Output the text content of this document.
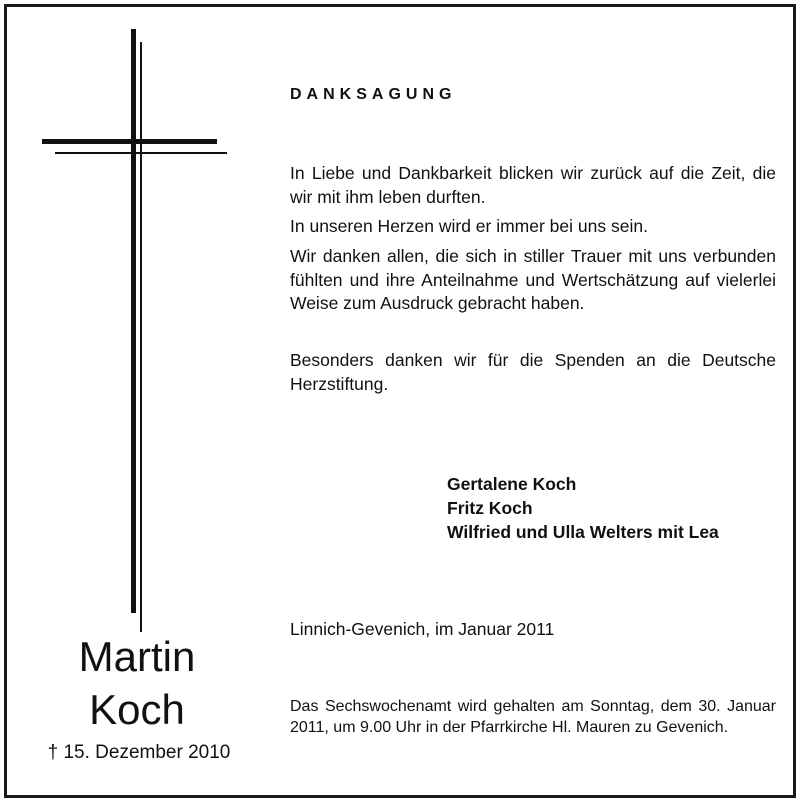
Martin
Koch
† 15. Dezember 2010
DANKSAGUNG
In Liebe und Dankbarkeit blicken wir zurück auf die Zeit, die wir mit ihm leben durften.
In unseren Herzen wird er immer bei uns sein.
Wir danken allen, die sich in stiller Trauer mit uns verbunden fühlten und ihre Anteilnahme und Wertschätzung auf vielerlei Weise zum Ausdruck gebracht haben.
Besonders danken wir für die Spenden an die Deutsche Herzstiftung.
Gertalene Koch
Fritz Koch
Wilfried und Ulla Welters mit Lea
Linnich-Gevenich, im Januar 2011
Das Sechswochenamt wird gehalten am Sonntag, dem 30. Januar 2011, um 9.00 Uhr in der Pfarrkirche Hl. Mauren zu Gevenich.
